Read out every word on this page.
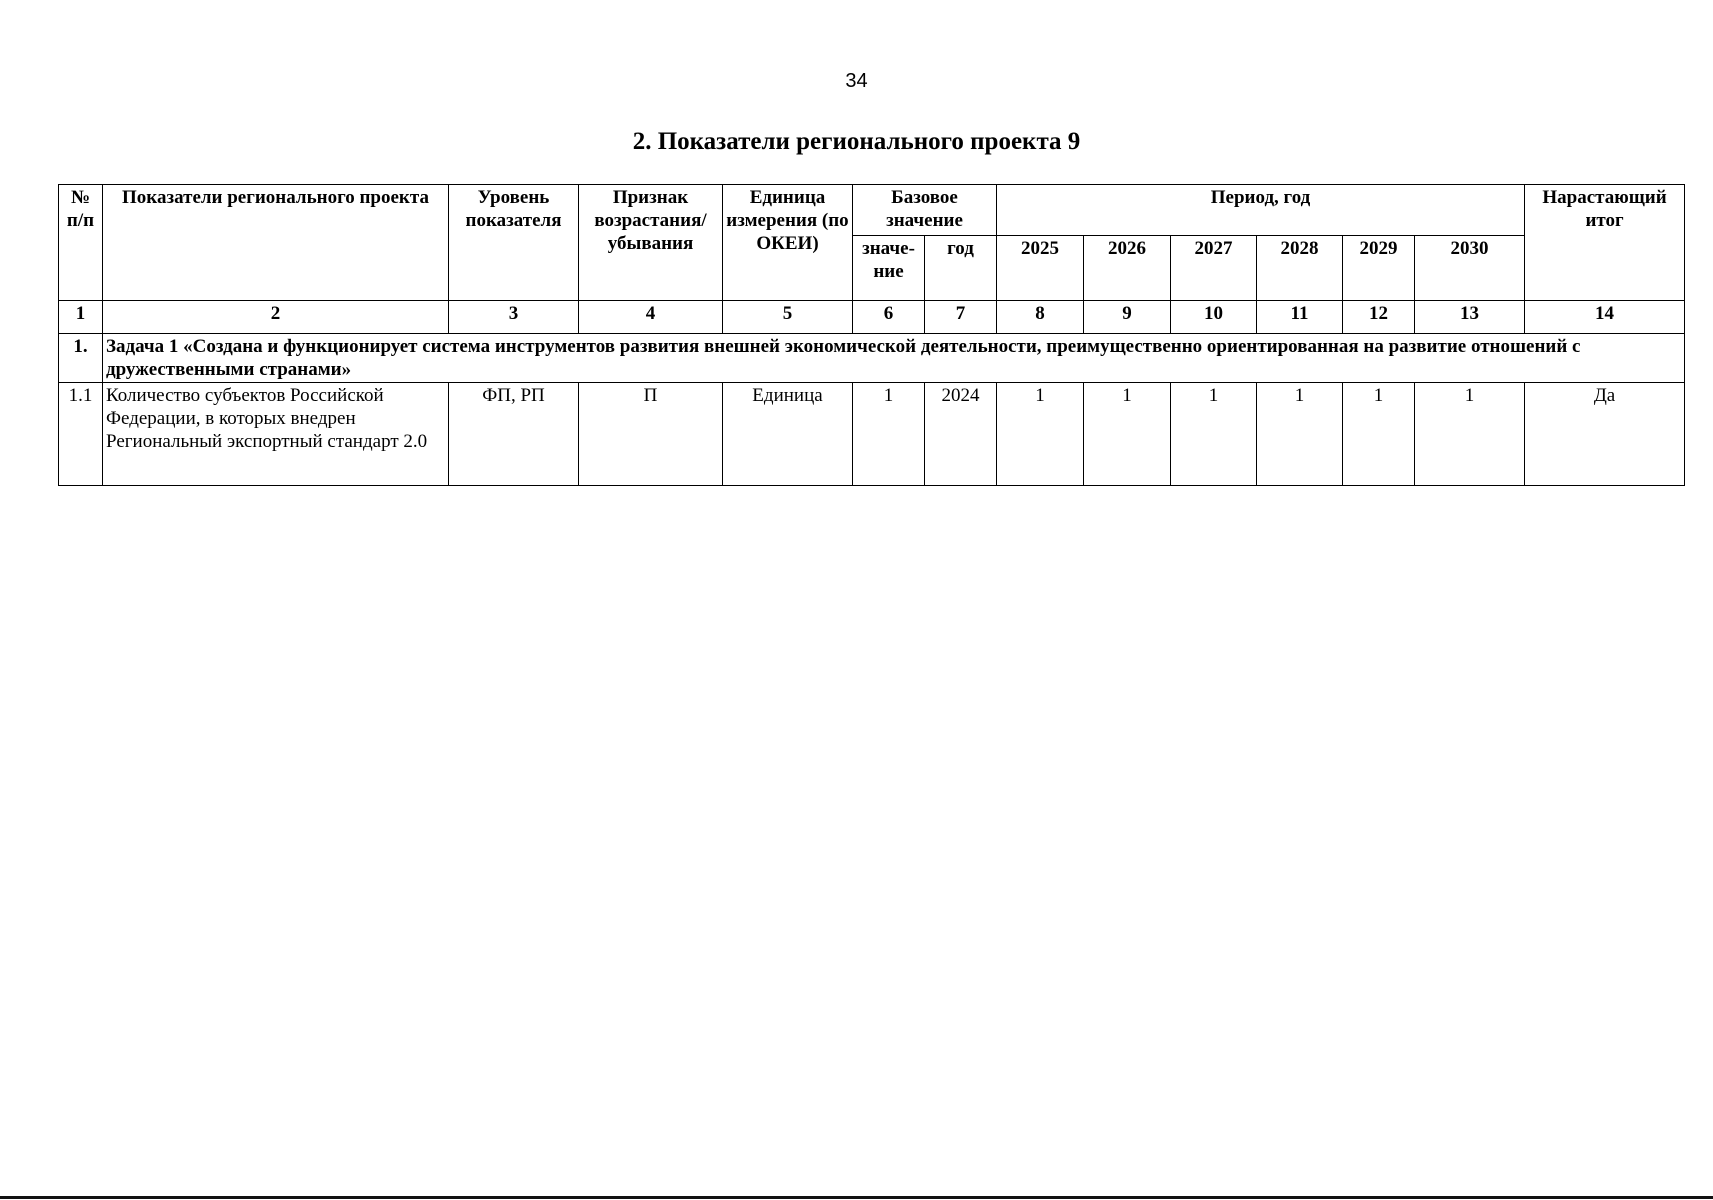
34
2. Показатели регионального проекта 9
№ п/п	Показатели регионального проекта	Уровень показателя	Признак возрастания/ убывания	Единица измерения (по ОКЕИ)	Базовое значение		Период, год						Нарастающий итог
					значе-ние	год	2025	2026	2027	2028	2029	2030	
1	2	3	4	5	6	7	8	9	10	11	12	13	14
1.	Задача 1 «Создана и функционирует система инструментов развития внешней экономической деятельности, преимущественно ориентированная на развитие отношений с дружественными странами»												
1.1	Количество субъектов Российской Федерации, в которых внедрен Региональный экспортный стандарт 2.0	ФП, РП	П	Единица	1	2024	1	1	1	1	1	1	Да
